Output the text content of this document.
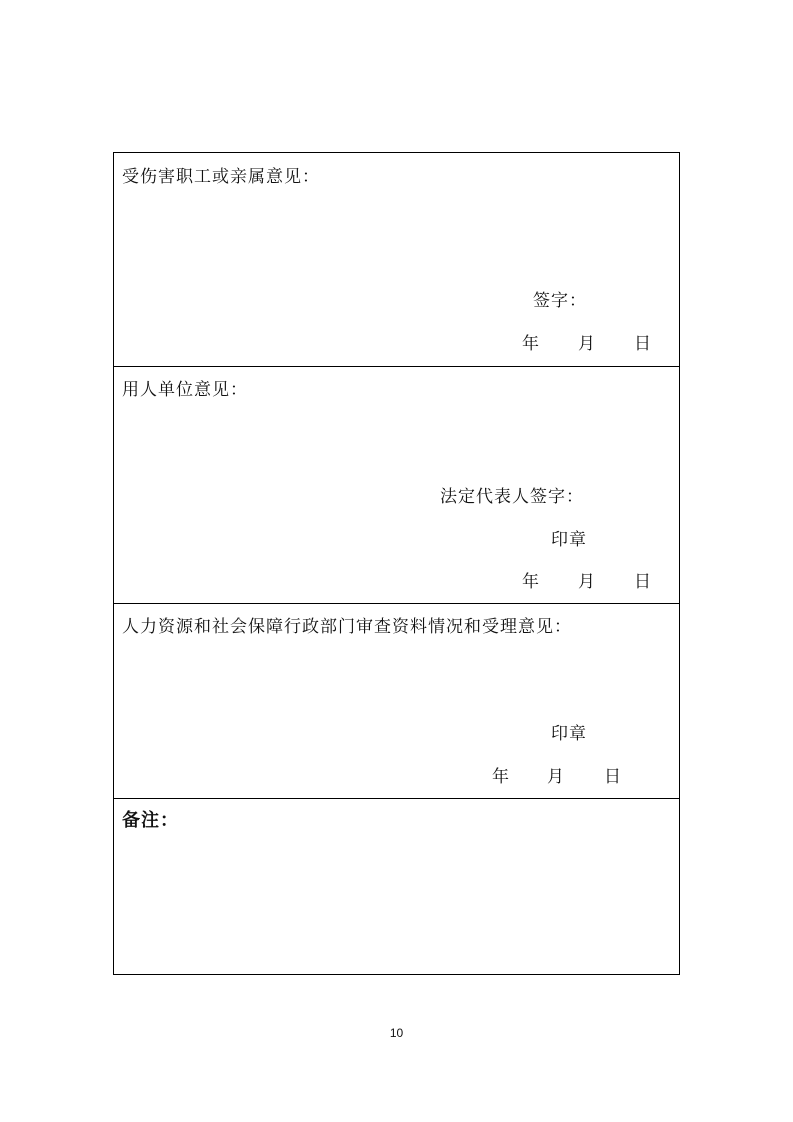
受伤害职工或亲属意见：
签字：
年 月 日
用人单位意见：
法定代表人签字：
印章
年 月 日
人力资源和社会保障行政部门审查资料情况和受理意见：
印章
年 月 日
备注：
10
